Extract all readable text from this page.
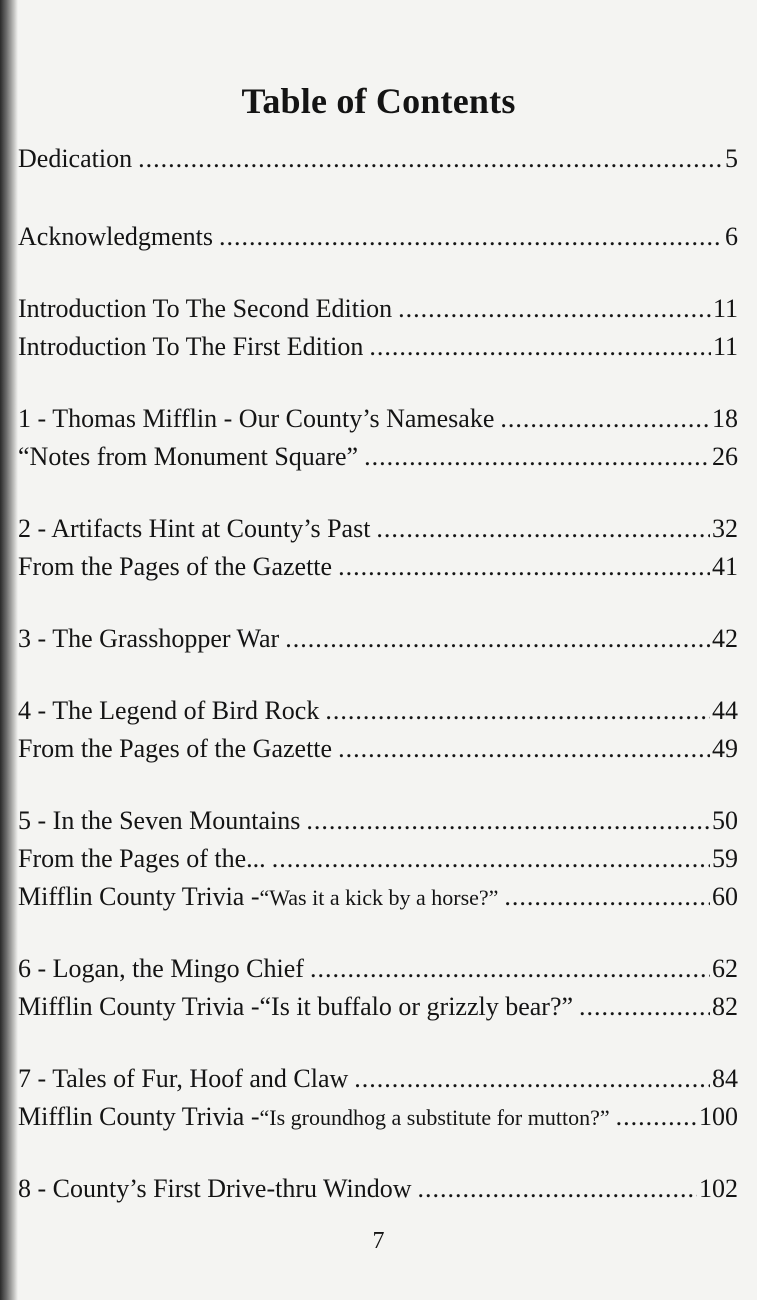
Table of Contents
Dedication .....	5
Acknowledgments .....	6
Introduction To The Second Edition .....	11
Introduction To The First Edition .....	11
1 - Thomas Mifflin - Our County’s Namesake .....	18
“Notes from Monument Square” .....	26
2 - Artifacts Hint at County’s Past .....	32
From the Pages of the Gazette .....	41
3 - The Grasshopper War .....	42
4 - The Legend of Bird Rock .....	44
From the Pages of the Gazette .....	49
5 - In the Seven Mountains .....	50
From the Pages of the... .....	59
Mifflin County Trivia - “Was it a kick by a horse?” .....	60
6 - Logan, the Mingo Chief .....	62
Mifflin County Trivia -“Is it buffalo or grizzly bear?” .....	82
7 - Tales of Fur, Hoof and Claw .....	84
Mifflin County Trivia - “Is groundhog a substitute for mutton?” .....	100
8 - County’s First Drive-thru Window .....	102
7
